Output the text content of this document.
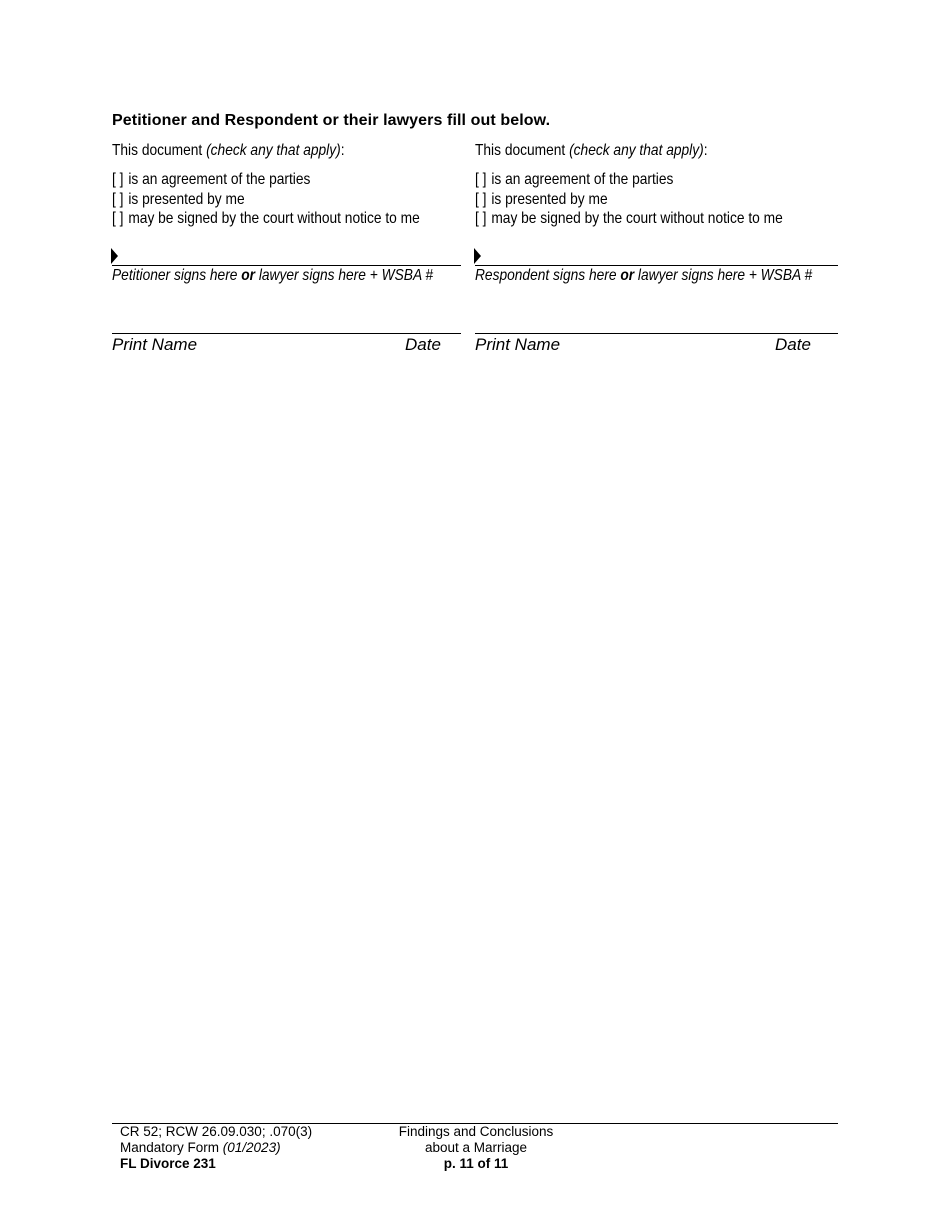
Petitioner and Respondent or their lawyers fill out below.
This document (check any that apply):
[ ] is an agreement of the parties
[ ] is presented by me
[ ] may be signed by the court without notice to me
Petitioner signs here or lawyer signs here + WSBA #
Print Name	Date
This document (check any that apply):
[ ] is an agreement of the parties
[ ] is presented by me
[ ] may be signed by the court without notice to me
Respondent signs here or lawyer signs here + WSBA #
Print Name	Date
CR 52; RCW 26.09.030; .070(3)
Mandatory Form (01/2023)
FL Divorce 231
Findings and Conclusions
about a Marriage
p. 11 of 11
